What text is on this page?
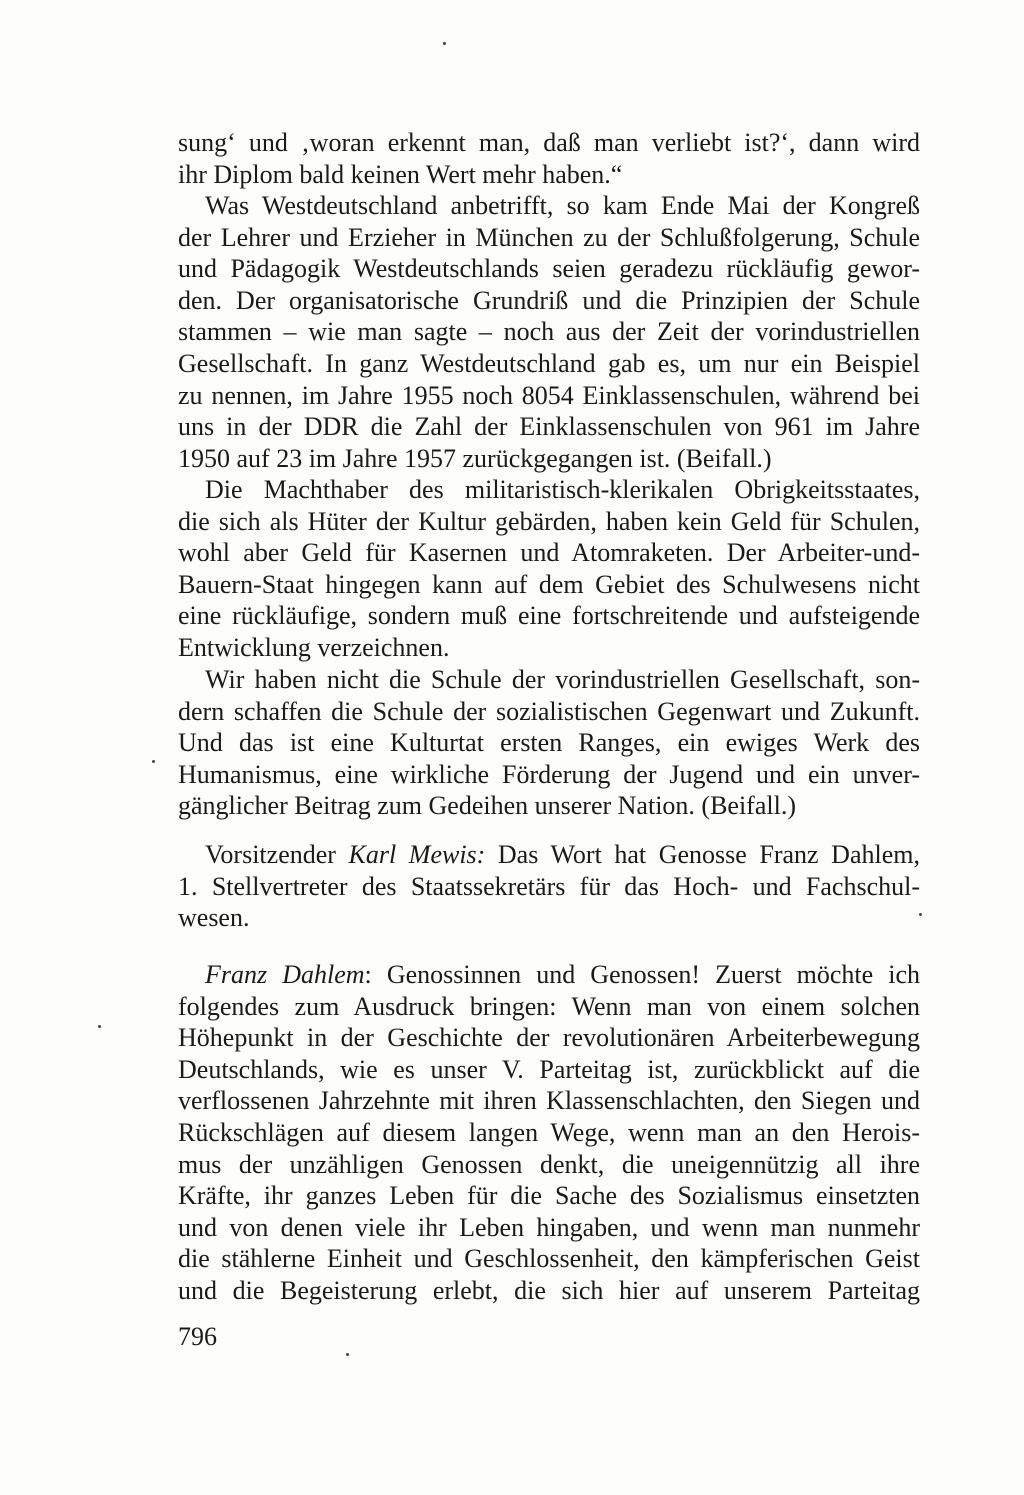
sung‘ und ‚woran erkennt man, daß man verliebt ist?‘, dann wird
ihr Diplom bald keinen Wert mehr haben.“
Was Westdeutschland anbetrifft, so kam Ende Mai der Kongreß
der Lehrer und Erzieher in München zu der Schlußfolgerung, Schule
und Pädagogik Westdeutschlands seien geradezu rückläufig gewor-
den. Der organisatorische Grundriß und die Prinzipien der Schule
stammen – wie man sagte – noch aus der Zeit der vorindustriellen
Gesellschaft. In ganz Westdeutschland gab es, um nur ein Beispiel
zu nennen, im Jahre 1955 noch 8054 Einklassenschulen, während bei
uns in der DDR die Zahl der Einklassenschulen von 961 im Jahre
1950 auf 23 im Jahre 1957 zurückgegangen ist. (Beifall.)
Die Machthaber des militaristisch-klerikalen Obrigkeitsstaates,
die sich als Hüter der Kultur gebärden, haben kein Geld für Schulen,
wohl aber Geld für Kasernen und Atomraketen. Der Arbeiter-und-
Bauern-Staat hingegen kann auf dem Gebiet des Schulwesens nicht
eine rückläufige, sondern muß eine fortschreitende und aufsteigende
Entwicklung verzeichnen.
Wir haben nicht die Schule der vorindustriellen Gesellschaft, son-
dern schaffen die Schule der sozialistischen Gegenwart und Zukunft.
Und das ist eine Kulturtat ersten Ranges, ein ewiges Werk des
Humanismus, eine wirkliche Förderung der Jugend und ein unver-
gänglicher Beitrag zum Gedeihen unserer Nation. (Beifall.)
Vorsitzender Karl Mewis: Das Wort hat Genosse Franz Dahlem,
1. Stellvertreter des Staatssekretärs für das Hoch- und Fachschul-
wesen.
Franz Dahlem: Genossinnen und Genossen! Zuerst möchte ich
folgendes zum Ausdruck bringen: Wenn man von einem solchen
Höhepunkt in der Geschichte der revolutionären Arbeiterbewegung
Deutschlands, wie es unser V. Parteitag ist, zurückblickt auf die
verflossenen Jahrzehnte mit ihren Klassenschlachten, den Siegen und
Rückschlägen auf diesem langen Wege, wenn man an den Herois-
mus der unzähligen Genossen denkt, die uneigennützig all ihre
Kräfte, ihr ganzes Leben für die Sache des Sozialismus einsetzten
und von denen viele ihr Leben hingaben, und wenn man nunmehr
die stählerne Einheit und Geschlossenheit, den kämpferischen Geist
und die Begeisterung erlebt, die sich hier auf unserem Parteitag
796
